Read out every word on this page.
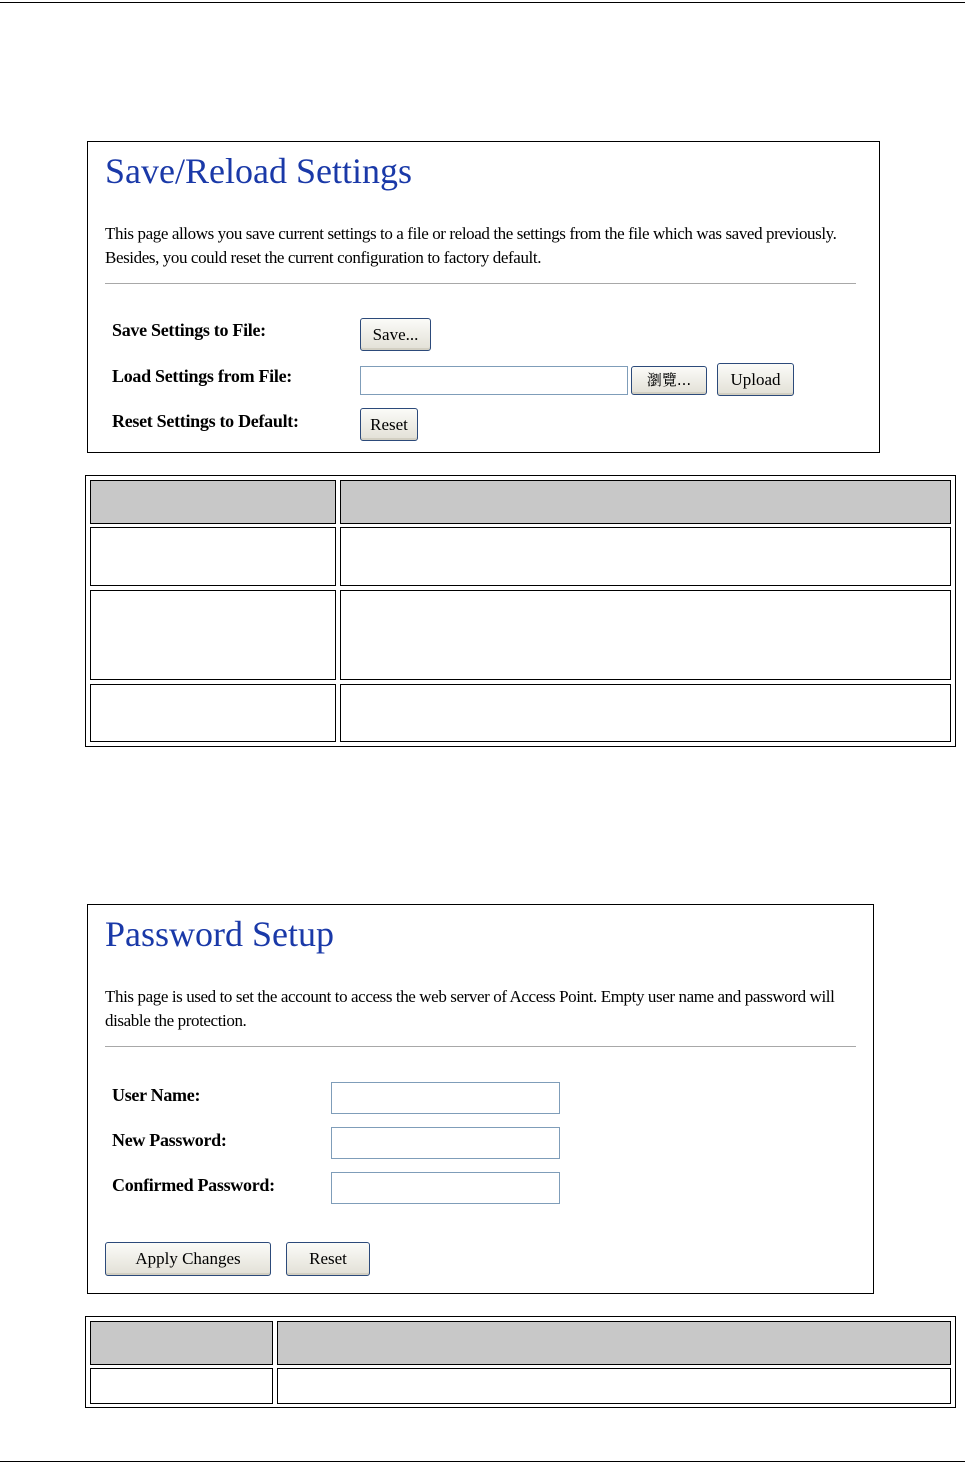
Save/Reload Settings
This page allows you save current settings to a file or reload the settings from the file which was saved previously. Besides, you could reset the current configuration to factory default.
Save Settings to File:	Save...
Load Settings from File:	瀏覽...	Upload
Reset Settings to Default:	Reset
Password Setup
This page is used to set the account to access the web server of Access Point. Empty user name and password will disable the protection.
User Name:
New Password:
Confirmed Password:
Apply Changes	Reset
